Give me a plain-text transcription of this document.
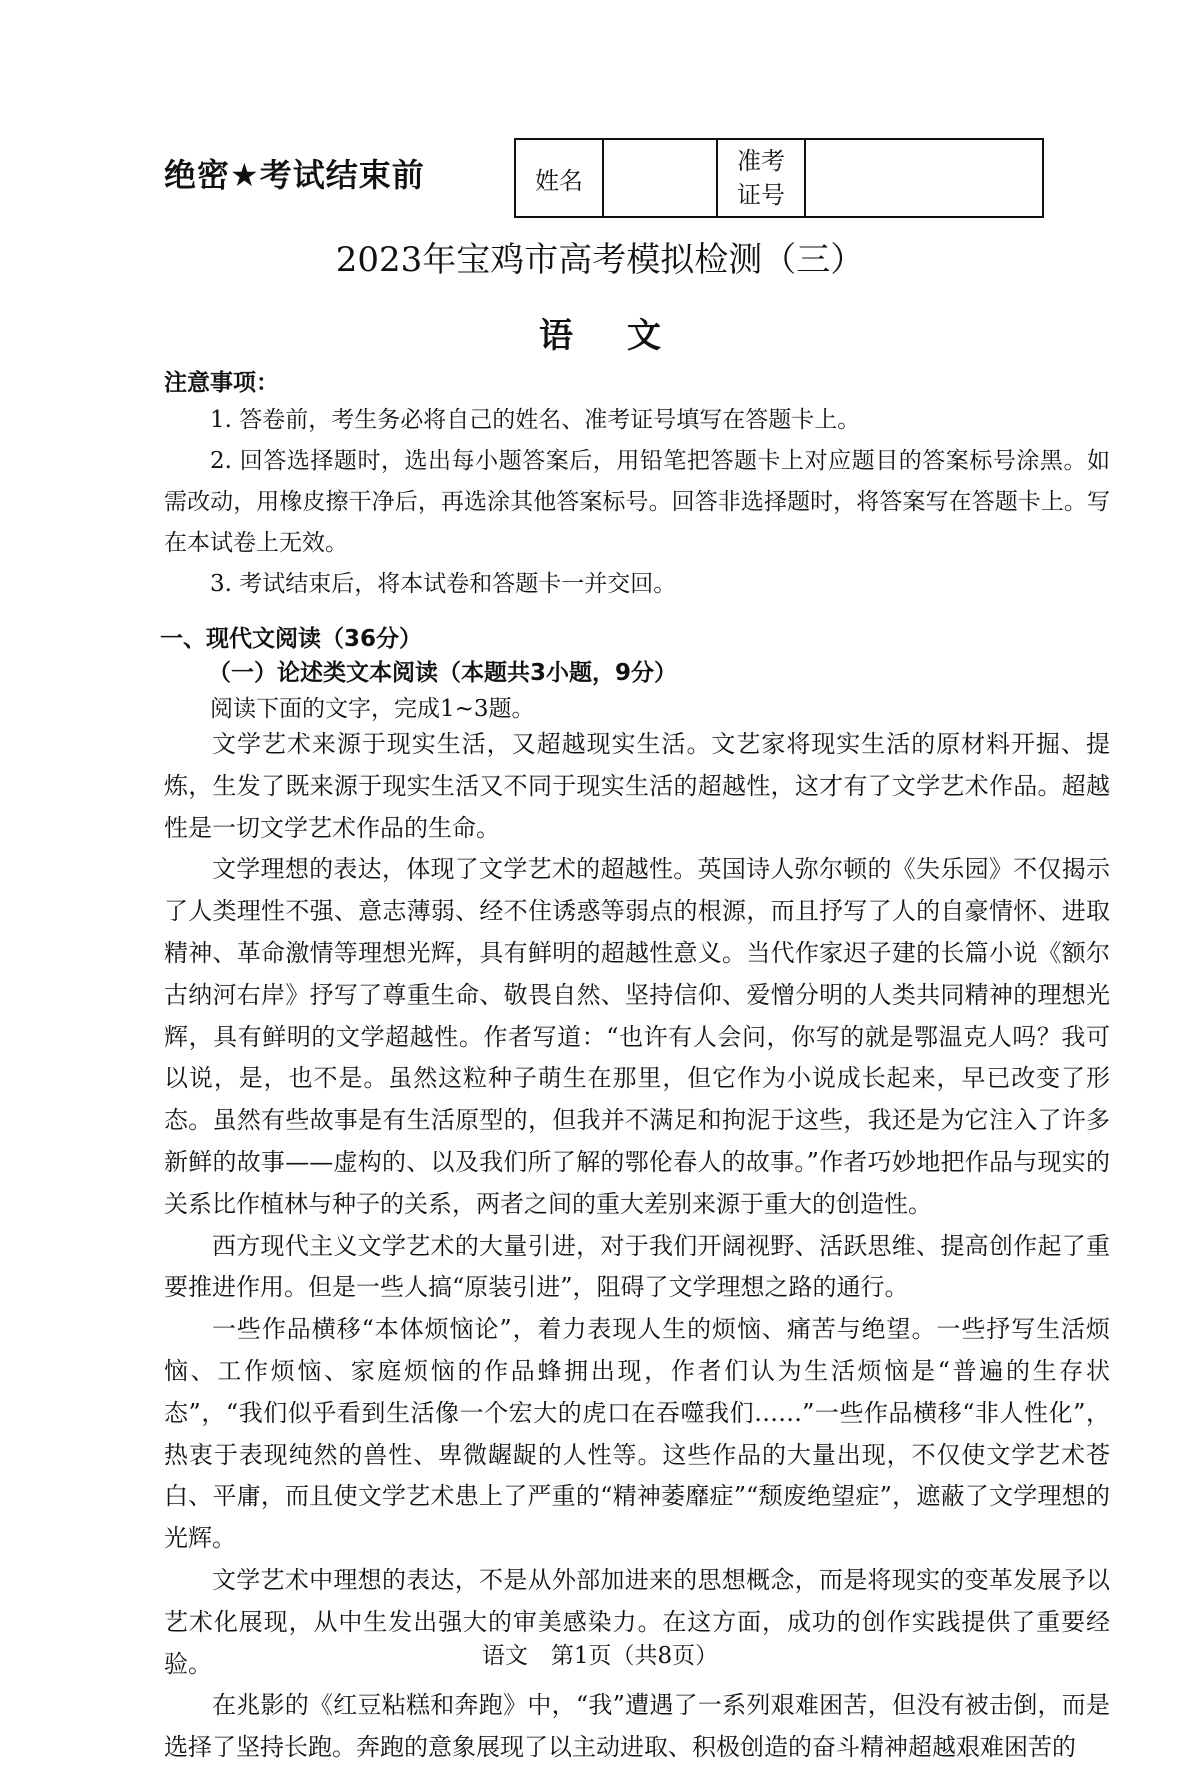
绝密★考试结束前	姓名		
准考
证号

2023年宝鸡市高考模拟检测（三）
语文
注意事项：

1. 答卷前，考生务必将自己的姓名、准考证号填写在答题卡上。

2. 回答选择题时，选出每小题答案后，用铅笔把答题卡上对应题目的答案标号涂黑。如需改动，用橡皮擦干净后，再选涂其他答案标号。回答非选择题时，将答案写在答题卡上。写在本试卷上无效。

3. 考试结束后，将本试卷和答题卡一并交回。

一、现代文阅读（36分）
（一）论述类文本阅读（本题共3小题，9分）
阅读下面的文字，完成1~3题。

文学艺术来源于现实生活，又超越现实生活。文艺家将现实生活的原材料开掘、提炼，生发了既来源于现实生活又不同于现实生活的超越性，这才有了文学艺术作品。超越性是一切文学艺术作品的生命。

文学理想的表达，体现了文学艺术的超越性。英国诗人弥尔顿的《失乐园》不仅揭示了人类理性不强、意志薄弱、经不住诱惑等弱点的根源，而且抒写了人的自豪情怀、进取精神、革命激情等理想光辉，具有鲜明的超越性意义。当代作家迟子建的长篇小说《额尔古纳河右岸》抒写了尊重生命、敬畏自然、坚持信仰、爱憎分明的人类共同精神的理想光辉，具有鲜明的文学超越性。作者写道：“也许有人会问，你写的就是鄂温克人吗？我可以说，是，也不是。虽然这粒种子萌生在那里，但它作为小说成长起来，早已改变了形态。虽然有些故事是有生活原型的，但我并不满足和拘泥于这些，我还是为它注入了许多新鲜的故事——虚构的、以及我们所了解的鄂伦春人的故事。”作者巧妙地把作品与现实的关系比作植林与种子的关系，两者之间的重大差别来源于重大的创造性。

西方现代主义文学艺术的大量引进，对于我们开阔视野、活跃思维、提高创作起了重要推进作用。但是一些人搞“原装引进”，阻碍了文学理想之路的通行。

一些作品横移“本体烦恼论”，着力表现人生的烦恼、痛苦与绝望。一些抒写生活烦恼、工作烦恼、家庭烦恼的作品蜂拥出现，作者们认为生活烦恼是“普遍的生存状态”，“我们似乎看到生活像一个宏大的虎口在吞噬我们……”一些作品横移“非人性化”，热衷于表现纯然的兽性、卑微龌龊的人性等。这些作品的大量出现，不仅使文学艺术苍白、平庸，而且使文学艺术患上了严重的“精神萎靡症”“颓废绝望症”，遮蔽了文学理想的光辉。

文学艺术中理想的表达，不是从外部加进来的思想概念，而是将现实的变革发展予以艺术化展现，从中生发出强大的审美感染力。在这方面，成功的创作实践提供了重要经验。

在兆影的《红豆粘糕和奔跑》中，“我”遭遇了一系列艰难困苦，但没有被击倒，而是选择了坚持长跑。奔跑的意象展现了以主动进取、积极创造的奋斗精神超越艰难困苦的

语文　第1页（共8页）
